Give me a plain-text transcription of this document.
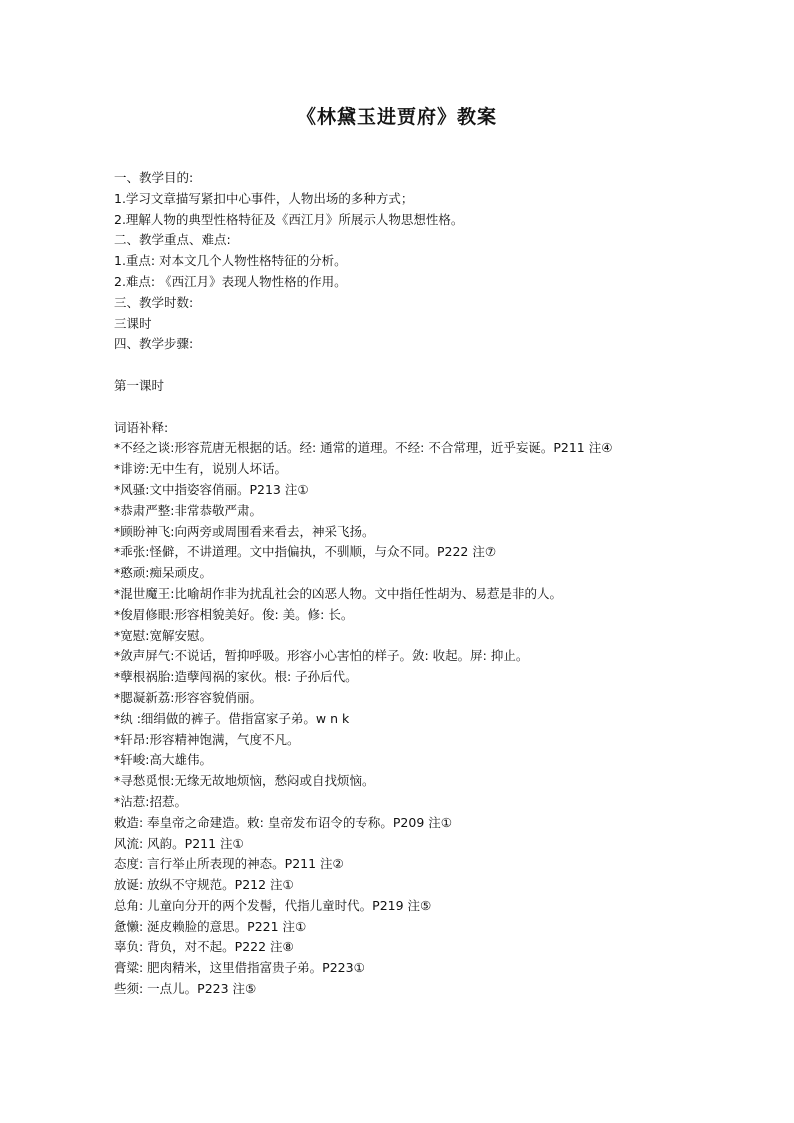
《林黛玉进贾府》教案
一、教学目的:
1.学习文章描写紧扣中心事件，人物出场的多种方式；
2.理解人物的典型性格特征及《西江月》所展示人物思想性格。
二、教学重点、难点:
1.重点: 对本文几个人物性格特征的分析。
2.难点: 《西江月》表现人物性格的作用。
三、教学时数:
三课时
四、教学步骤:
第一课时
词语补释:
*不经之谈:形容荒唐无根据的话。经: 通常的道理。不经: 不合常理，近乎妄诞。P211 注④
*诽谤:无中生有，说别人坏话。
*风骚:文中指姿容俏丽。P213 注①
*恭肃严整:非常恭敬严肃。
*顾盼神飞:向两旁或周围看来看去，神采飞扬。
*乖张:怪僻，不讲道理。文中指偏执，不驯顺，与众不同。P222 注⑦
*憨顽:痴呆顽皮。
*混世魔王:比喻胡作非为扰乱社会的凶恶人物。文中指任性胡为、易惹是非的人。
*俊眉修眼:形容相貌美好。俊: 美。修: 长。
*宽慰:宽解安慰。
*敛声屏气:不说话，暂抑呼吸。形容小心害怕的样子。敛: 收起。屏: 抑止。
*孽根祸胎:造孽闯祸的家伙。根: 子孙后代。
*腮凝新荔:形容容貌俏丽。
*纨 :细绢做的裤子。借指富家子弟。w n k
*轩昂:形容精神饱满，气度不凡。
*轩峻:高大雄伟。
*寻愁觅恨:无缘无故地烦恼，愁闷或自找烦恼。
*沾惹:招惹。
敕造: 奉皇帝之命建造。敕: 皇帝发布诏令的专称。P209 注①
风流: 风韵。P211 注①
态度: 言行举止所表现的神态。P211 注②
放诞: 放纵不守规范。P212 注①
总角: 儿童向分开的两个发髻，代指儿童时代。P219 注⑤
惫懒: 涎皮赖脸的意思。P221 注①
辜负: 背负，对不起。P222 注⑧
膏粱: 肥肉精米，这里借指富贵子弟。P223①
些须: 一点儿。P223 注⑤
